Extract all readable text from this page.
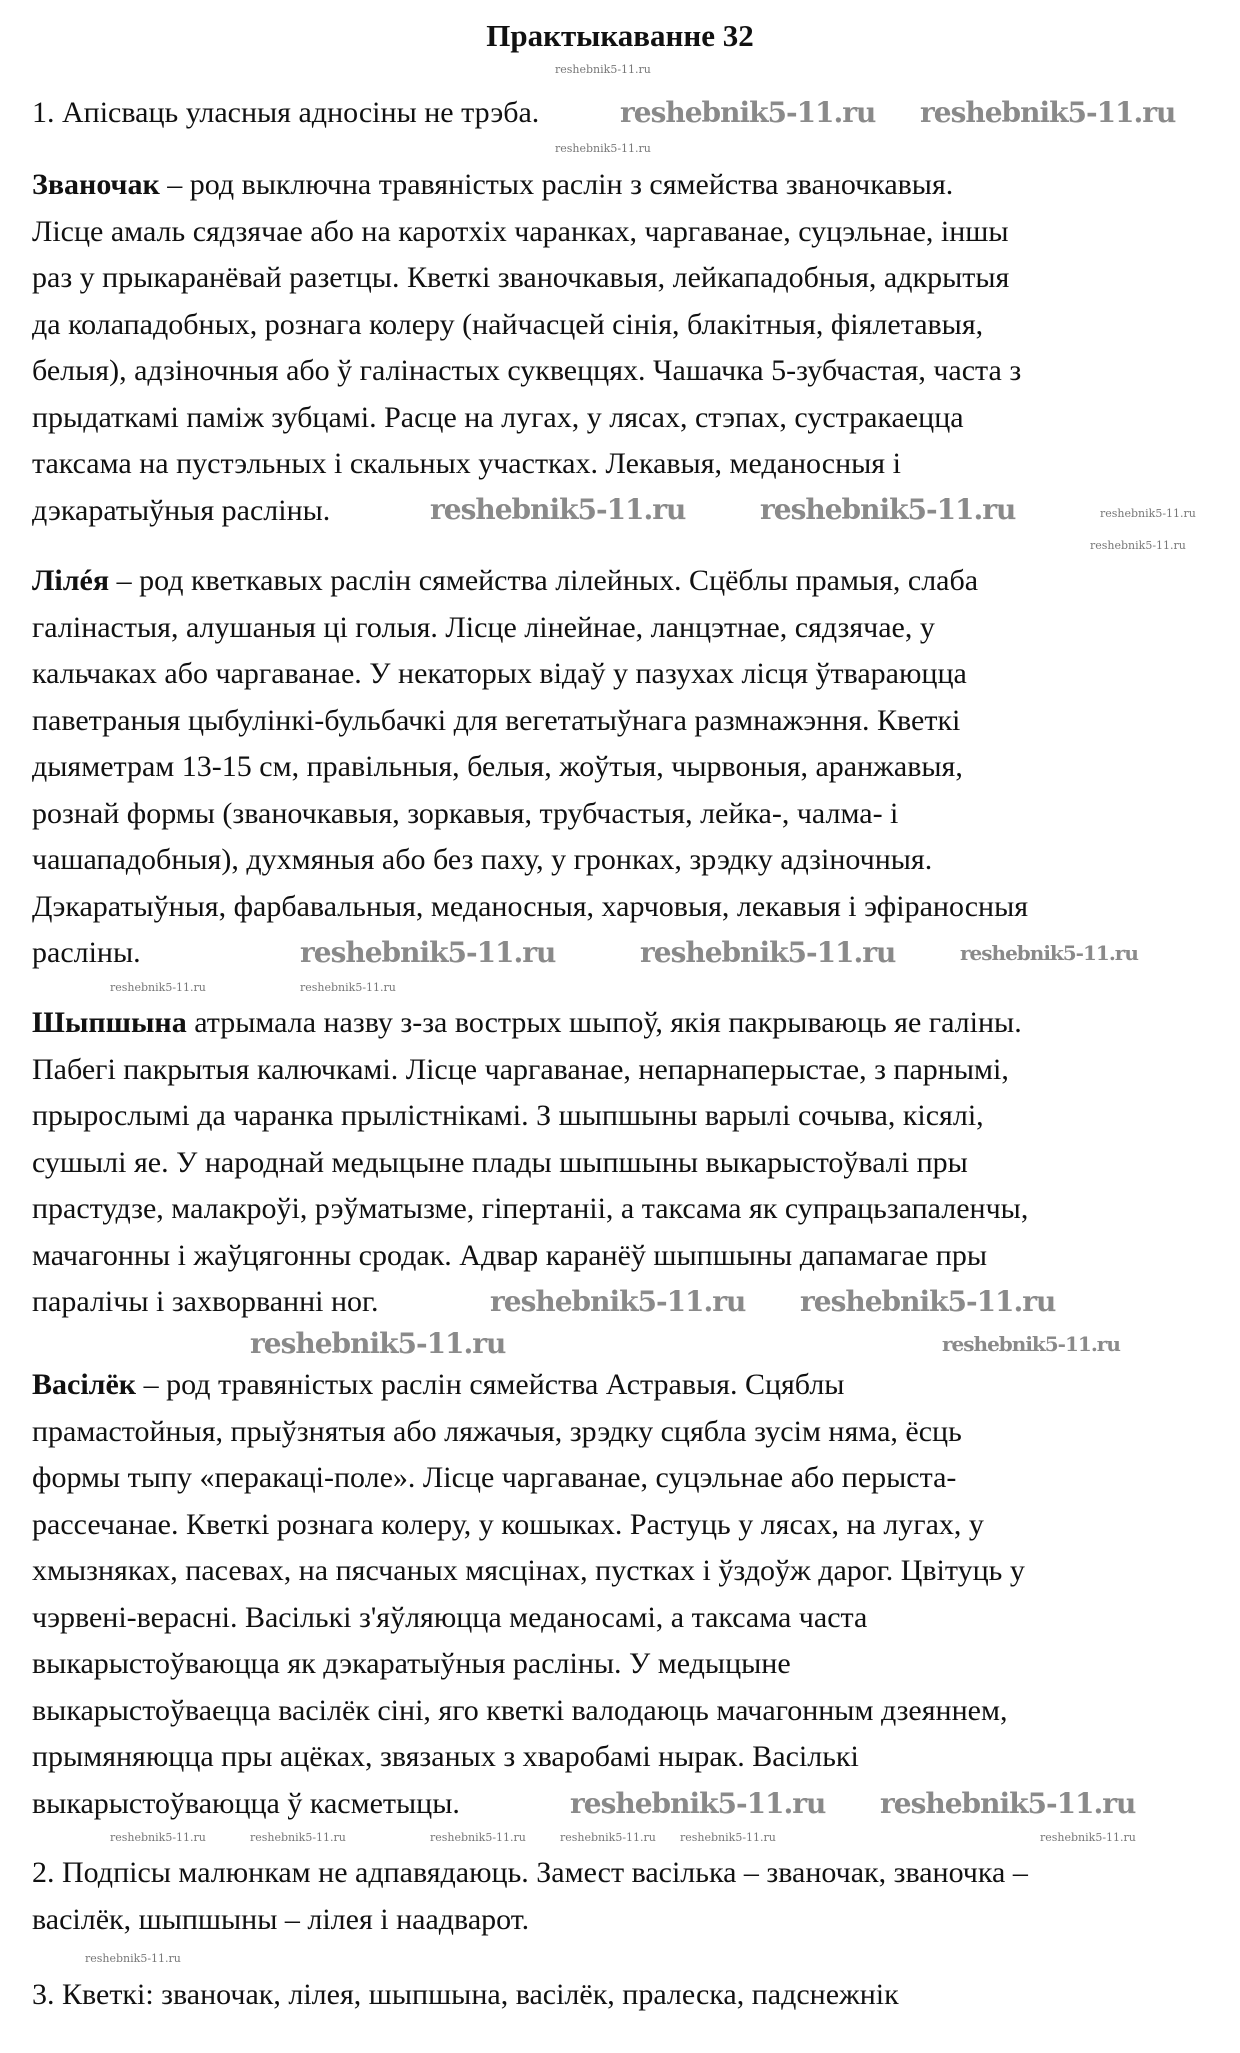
Практыкаванне 32
1. Апісваць уласныя адносіны не трэба.
Званочак – род выключна травяністых раслін з сямейства званочкавыя.
Лісце амаль сядзячае або на каротхіх чаранках, чаргаванае, суцэльнае, іншы
раз у прыкаранёвай разетцы. Кветкі званочкавыя, лейкападобныя, адкрытыя
да колападобных, рознага колеру (найчасцей сінія, блакітныя, фіялетавыя,
белыя), адзіночныя або ў галінастых суквеццях. Чашачка 5-зубчастая, часта з
прыдаткамі паміж зубцамі. Расце на лугах, у лясах, стэпах, сустракаецца
таксама на пустэльных і скальных участках. Лекавыя, меданосныя і
дэкаратыўныя расліны.
Лілéя – род кветкавых раслін сямейства лілейных. Сцёблы прамыя, слаба
галінастыя, алушаныя ці голыя. Лісце лінейнае, ланцэтнае, сядзячае, у
кальчаках або чаргаванае. У некаторых відаў у пазухах лісця ўтвараюцца
паветраныя цыбулінкі-бульбачкі для вегетатыўнага размнажэння. Кветкі
дыяметрам 13-15 см, правільныя, белыя, жоўтыя, чырвоныя, аранжавыя,
рознай формы (званочкавыя, зоркавыя, трубчастыя, лейка-, чалма- і
чашападобныя), духмяныя або без паху, у гронках, зрэдку адзіночныя.
Дэкаратыўныя, фарбавальныя, меданосныя, харчовыя, лекавыя і эфіраносныя
расліны.
Шыпшына атрымала назву з-за вострых шыпоў, якія пакрываюць яе галіны.
Пабегі пакрытыя калючкамі. Лісце чаргаванае, непарнаперыстае, з парнымі,
прырослымі да чаранка прылістнікамі. З шыпшыны варылі сочыва, кісялі,
сушылі яе. У народнай медыцыне плады шыпшыны выкарыстоўвалі пры
прастудзе, малакроўі, рэўматызме, гіпертаніі, а таксама як супрацьзапаленчы,
мачагонны і жаўцягонны сродак. Адвар каранёў шыпшыны дапамагае пры
паралічы і захворванні ног.
Васілёк – род травяністых раслін сямейства Астравыя. Сцяблы
прамастойныя, прыўзнятыя або ляжачыя, зрэдку сцябла зусім няма, ёсць
формы тыпу «перакаці-поле». Лісце чаргаванае, суцэльнае або перыста-
рассечанае. Кветкі рознага колеру, у кошыках. Растуць у лясах, на лугах, у
хмызняках, пасевах, на пясчаных мясцінах, пустках і ўздоўж дарог. Цвітуць у
чэрвені-верасні. Васількі з'яўляюцца меданосамі, а таксама часта
выкарыстоўваюцца як дэкаратыўныя расліны. У медыцыне
выкарыстоўваецца васілёк сіні, яго кветкі валодаюць мачагонным дзеяннем,
прымяняюцца пры ацёках, звязаных з хваробамі нырак. Васількі
выкарыстоўваюцца ў касметыцы.
2. Подпісы малюнкам не адпавядаюць. Замест васілька – званочак, званочка –
васілёк, шыпшыны – лілея і наадварот.
3. Кветкі: званочак, лілея, шыпшына, васілёк, пралеска, падснежнік
reshebnik5-11.ru reshebnik5-11.ru
reshebnik5-11.ru	reshebnik5-11.ru
reshebnik5-11.ru	reshebnik5-11.ru	reshebnik5-11.ru
reshebnik5-11.ru reshebnik5-11.ru
reshebnik5-11.ru	reshebnik5-11.ru
reshebnik5-11.ru reshebnik5-11.ru
reshebnik5-11.ru
reshebnik5-11.ru
reshebnik5-11.ru
reshebnik5-11.ru
reshebnik5-11.ru	reshebnik5-11.ru
reshebnik5-11.ru
reshebnik5-11.ru	reshebnik5-11.ru	reshebnik5-11.ru
reshebnik5-11.ru	reshebnik5-11.ru
reshebnik5-11.ru
